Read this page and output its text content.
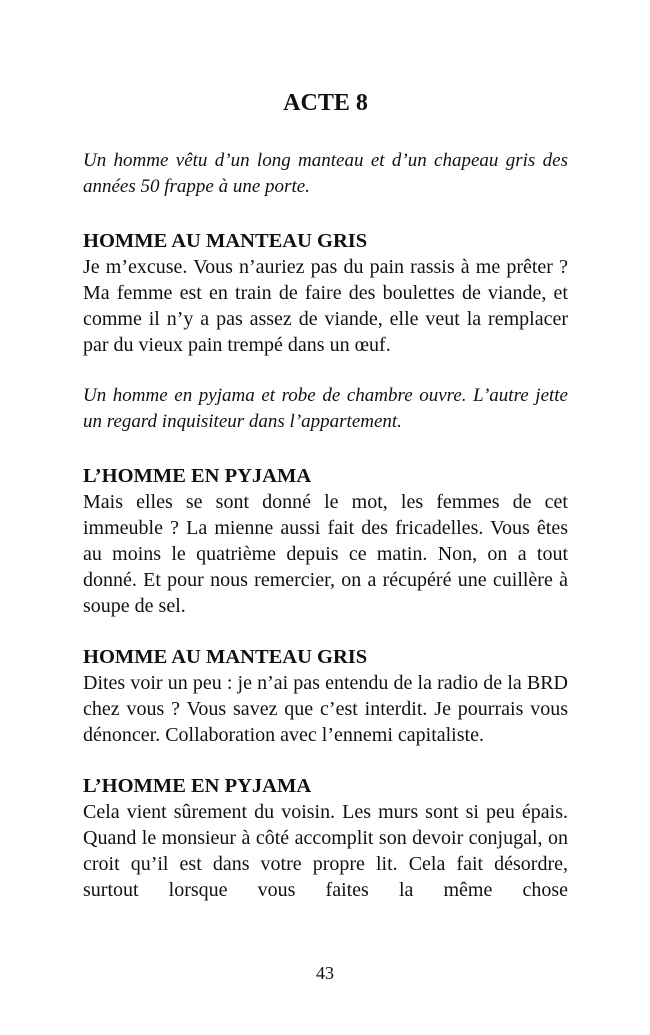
ACTE 8

Un homme vêtu d’un long manteau et d’un chapeau gris des années 50 frappe à une porte.

HOMME AU MANTEAU GRIS

Je m’excuse. Vous n’auriez pas du pain rassis à me prêter ? Ma femme est en train de faire des boulettes de viande, et comme il n’y a pas assez de viande, elle veut la remplacer par du vieux pain trempé dans un œuf.

Un homme en pyjama et robe de chambre ouvre. L’autre jette un regard inquisiteur dans l’appartement.

L’HOMME EN PYJAMA

Mais elles se sont donné le mot, les femmes de cet immeuble ? La mienne aussi fait des fricadelles. Vous êtes au moins le quatrième depuis ce matin. Non, on a tout donné. Et pour nous remercier, on a récupéré une cuillère à soupe de sel.

HOMME AU MANTEAU GRIS

Dites voir un peu : je n’ai pas entendu de la radio de la BRD chez vous ? Vous savez que c’est interdit. Je pourrais vous dénoncer. Collaboration avec l’ennemi capitaliste.

L’HOMME EN PYJAMA

Cela vient sûrement du voisin. Les murs sont si peu épais. Quand le monsieur à côté accomplit son devoir conjugal, on croit qu’il est dans votre propre lit. Cela fait désordre, surtout lorsque vous faites la même chose

43
